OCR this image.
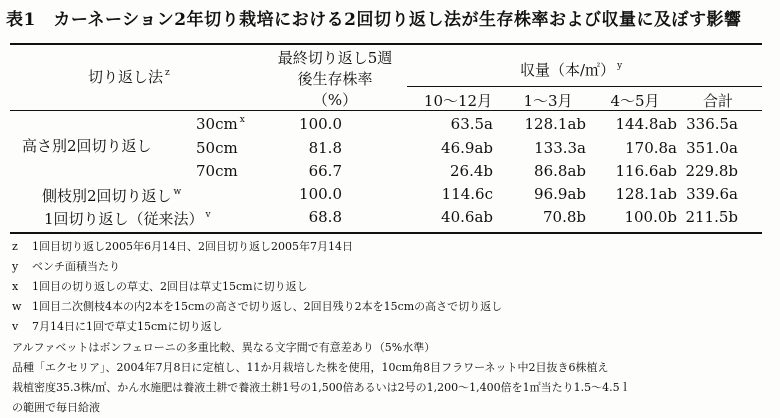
表1　カーネーション2年切り栽培における2回切り返し法が生存株率および収量に及ぼす影響
切り返し法 $^z$
最終切り返し5週
後生存株率
（%）
収量（本/㎡） $^y$
10～12月	1～3月	4～5月	合計
高さ別2回切り返し
30cm $^x$	100.0	63.5a	128.1ab	144.8ab 336.5a
50cm	81.8	46.9ab	133.3a	170.8a 351.0a
70cm	66.7	26.4b	86.8ab	116.6ab 229.8b
側枝別2回切り返し $^w$	100.0	114.6c	96.9ab	128.1ab 339.6a
1回切り返し（従来法） $^v$	68.8	40.6ab	70.8b	100.0b 211.5b
z 1回目切り返し2005年6月14日、2回目切り返し2005年7月14日
y ベンチ面積当たり
x 1回目の切り返しの草丈、2回目は草丈15cmに切り返し
w 1回目二次側枝4本の内2本を15cmの高さで切り返し、2回目残り2本を15cmの高さで切り返し
v 7月14日に1回で草丈15cmに切り返し
アルファベットはボンフェローニの多重比較、異なる文字間で有意差あり（5%水準）
品種「エクセリア」、2004年7月8日に定植し、11か月栽培した株を使用，10cm角8目フラワーネット中2目抜き6株植え
栽植密度35.3株/㎡、かん水施肥は養液土耕で養液土耕1号の1,500倍あるいは2号の1,200～1,400倍を1㎡当たり1.5～4.5ｌ
の範囲で毎日給液
